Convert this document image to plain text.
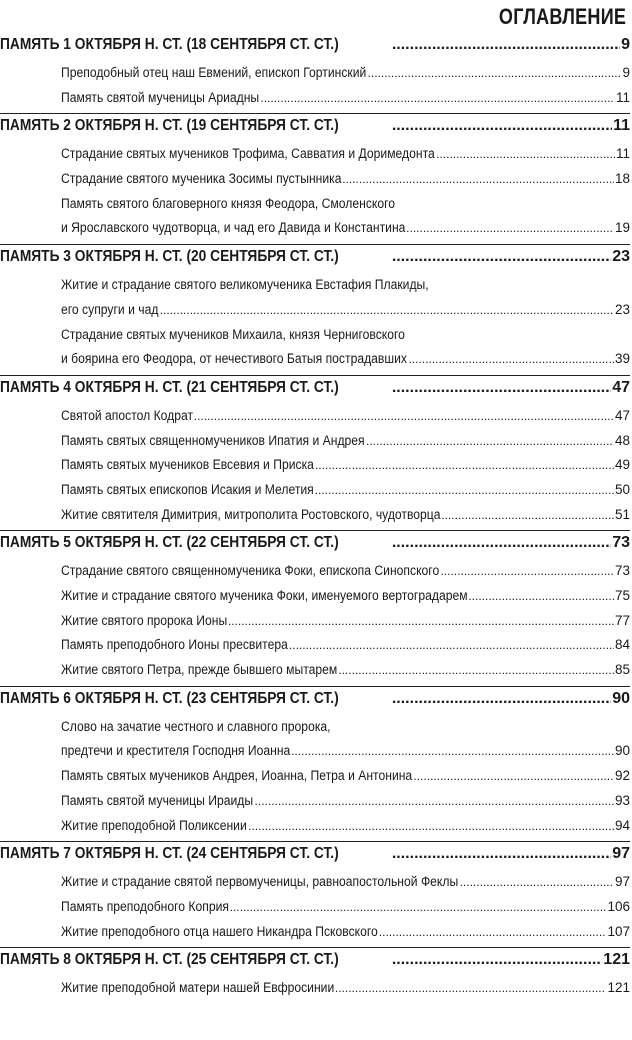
ОГЛАВЛЕНИЕ
ПАМЯТЬ 1 ОКТЯБРЯ Н. СТ. (18 СЕНТЯБРЯ СТ. СТ.) .....	9
Преподобный отец наш Евмений, епископ Гортинский .....	9
Память святой мученицы Ариадны .....	11
ПАМЯТЬ 2 ОКТЯБРЯ Н. СТ. (19 СЕНТЯБРЯ СТ. СТ.) .....	11
Страдание святых мучеников Трофима, Савватия и Доримедонта .....	11
Страдание святого мученика Зосимы пустынника .....	18
Память святого благоверного князя Феодора, Смоленского
и Ярославского чудотворца, и чад его Давида и Константина .....	19
ПАМЯТЬ 3 ОКТЯБРЯ Н. СТ. (20 СЕНТЯБРЯ СТ. СТ.) .....	23
Житие и страдание святого великомученика Евстафия Плакиды,
его супруги и чад .....	23
Страдание святых мучеников Михаила, князя Черниговского
и боярина его Феодора, от нечестивого Батыя пострадавших .....	39
ПАМЯТЬ 4 ОКТЯБРЯ Н. СТ. (21 СЕНТЯБРЯ СТ. СТ.) .....	47
Святой апостол Кодрат .....	47
Память святых священномучеников Ипатия и Андрея .....	48
Память святых мучеников Евсевия и Приска .....	49
Память святых епископов Исакия и Мелетия .....	50
Житие святителя Димитрия, митрополита Ростовского, чудотворца .....	51
ПАМЯТЬ 5 ОКТЯБРЯ Н. СТ. (22 СЕНТЯБРЯ СТ. СТ.) .....	73
Страдание святого священномученика Фоки, епископа Синопского .....	73
Житие и страдание святого мученика Фоки, именуемого вертоградарем .....	75
Житие святого пророка Ионы .....	77
Память преподобного Ионы пресвитера .....	84
Житие святого Петра, прежде бывшего мытарем .....	85
ПАМЯТЬ 6 ОКТЯБРЯ Н. СТ. (23 СЕНТЯБРЯ СТ. СТ.) .....	90
Слово на зачатие честного и славного пророка,
предтечи и крестителя Господня Иоанна .....	90
Память святых мучеников Андрея, Иоанна, Петра и Антонина .....	92
Память святой мученицы Ираиды .....	93
Житие преподобной Поликсении .....	94
ПАМЯТЬ 7 ОКТЯБРЯ Н. СТ. (24 СЕНТЯБРЯ СТ. СТ.) .....	97
Житие и страдание святой первомученицы, равноапостольной Феклы .....	97
Память преподобного Коприя .....	106
Житие преподобного отца нашего Никандра Псковского .....	107
ПАМЯТЬ 8 ОКТЯБРЯ Н. СТ. (25 СЕНТЯБРЯ СТ. СТ.) .....	121
Житие преподобной матери нашей Евфросинии .....	121
